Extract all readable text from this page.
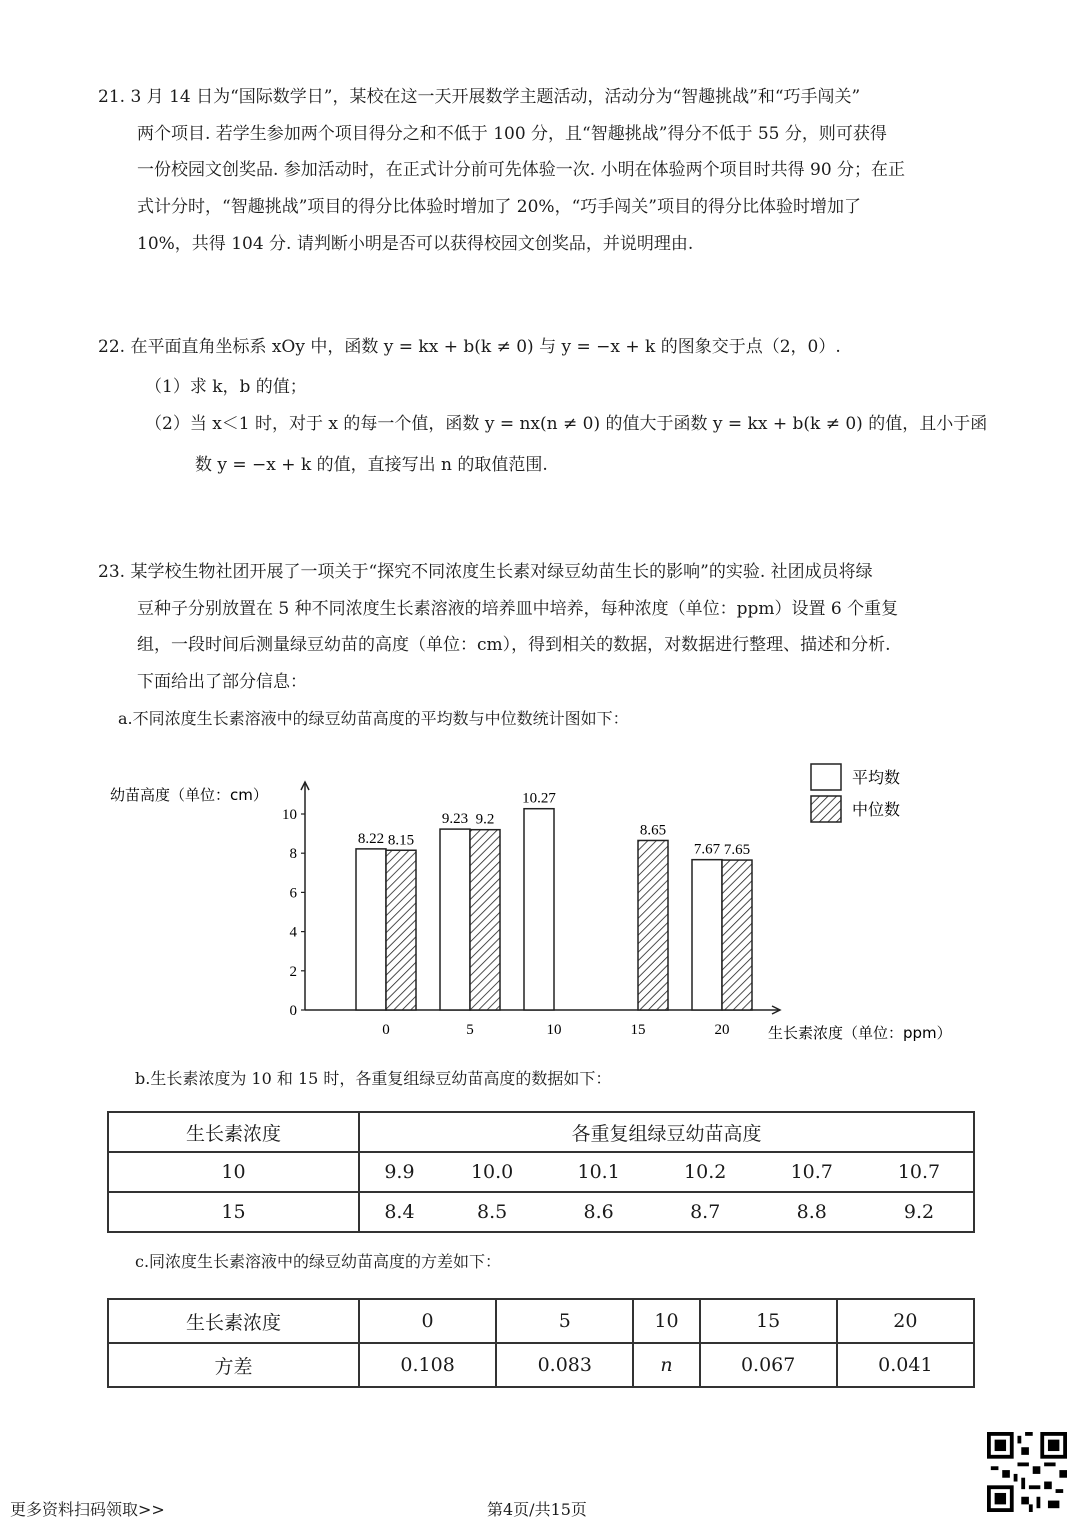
21. 3 月 14 日为“国际数学日”，某校在这一天开展数学主题活动，活动分为“智趣挑战”和“巧手闯关”
两个项目. 若学生参加两个项目得分之和不低于 100 分，且“智趣挑战”得分不低于 55 分，则可获得
一份校园文创奖品. 参加活动时，在正式计分前可先体验一次. 小明在体验两个项目时共得 90 分；在正
式计分时，“智趣挑战”项目的得分比体验时增加了 20%，“巧手闯关”项目的得分比体验时增加了
10%，共得 104 分. 请判断小明是否可以获得校园文创奖品，并说明理由.
22. 在平面直角坐标系 xOy 中，函数 y = kx + b(k ≠ 0) 与 y = −x + k 的图象交于点（2，0）.
（1）求 k，b 的值；
（2）当 x＜1 时，对于 x 的每一个值，函数 y = nx(n ≠ 0) 的值大于函数 y = kx + b(k ≠ 0) 的值，且小于函
数 y = −x + k 的值，直接写出 n 的取值范围.
23. 某学校生物社团开展了一项关于“探究不同浓度生长素对绿豆幼苗生长的影响”的实验. 社团成员将绿
豆种子分别放置在 5 种不同浓度生长素溶液的培养皿中培养，每种浓度（单位：ppm）设置 6 个重复
组，一段时间后测量绿豆幼苗的高度（单位：cm），得到相关的数据，对数据进行整理、描述和分析.
下面给出了部分信息：
a.不同浓度生长素溶液中的绿豆幼苗高度的平均数与中位数统计图如下：
0
2
4
6
8
10
幼苗高度（单位：cm）
生长素浓度（单位：ppm）
0	5	10	15	20
8.22 8.15
9.23 9.2
10.27
8.65
7.67 7.65
平均数
中位数
b.生长素浓度为 10 和 15 时，各重复组绿豆幼苗高度的数据如下：
生长素浓度	各重复组绿豆幼苗高度					
10	9.9	10.0	10.1	10.2	10.7	10.7
15	8.4	8.5	8.6	8.7	8.8	9.2
c.同浓度生长素溶液中的绿豆幼苗高度的方差如下：
生长素浓度	0	5	10	15	20
方差	0.108	0.083	n	0.067	0.041
更多资料扫码领取>>	第4页/共15页
